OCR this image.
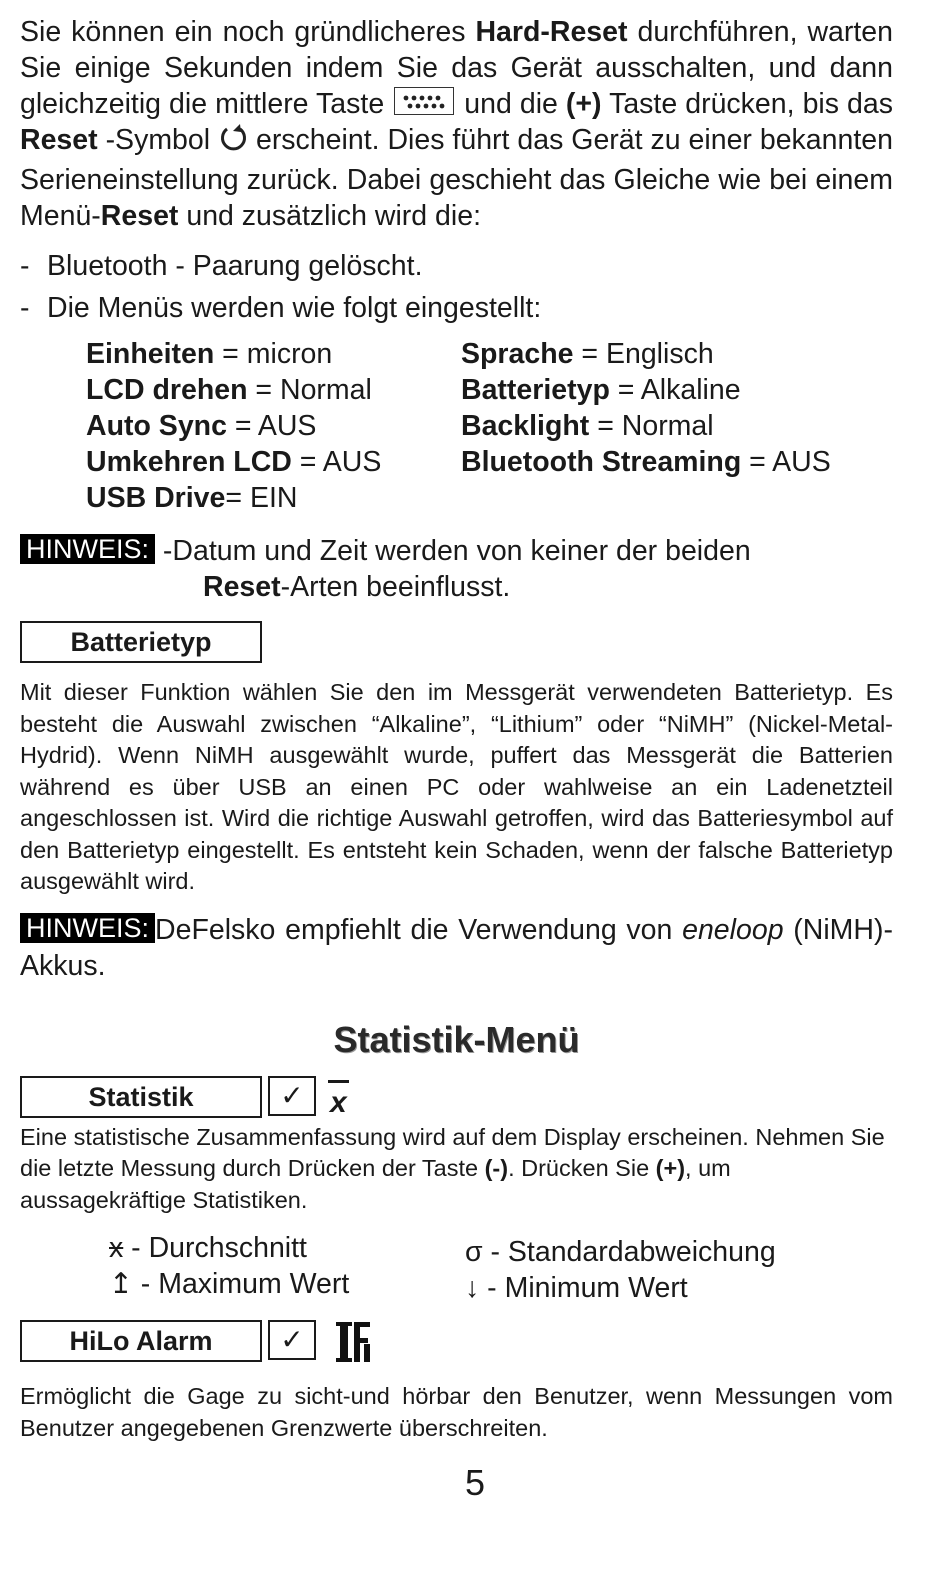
Sie können ein noch gründlicheres Hard-Reset durchführen, warten Sie einige Sekunden indem Sie das Gerät ausschalten, und dann gleichzeitig die mittlere Taste  und die (+) Taste drücken, bis das Reset -Symbol  erscheint. Dies führt das Gerät zu einer bekannten Serieneinstellung zurück. Dabei geschieht das Gleiche wie bei einem Menü-Reset und zusätzlich wird die:
- Bluetooth - Paarung gelöscht.
- Die Menüs werden wie folgt eingestellt:
Einheiten = micron	Sprache = Englisch
LCD drehen = Normal	Batterietyp = Alkaline
Auto Sync = AUS	Backlight = Normal
Umkehren LCD = AUS	Bluetooth Streaming = AUS
USB Drive= EIN
HINWEIS: -Datum und Zeit werden von keiner der beiden
Reset-Arten beeinflusst.
Batterietyp
Mit dieser Funktion wählen Sie den im Messgerät verwendeten Batterietyp. Es besteht die Auswahl zwischen “Alkaline”, “Lithium” oder “NiMH” (Nickel-Metal-Hydrid). Wenn NiMH ausgewählt wurde, puffert das Messgerät die Batterien während es über USB an einen PC oder wahlweise an ein Ladenetzteil angeschlossen ist. Wird die richtige Auswahl getroffen, wird das Batteriesymbol auf den Batterietyp eingestellt. Es entsteht kein Schaden, wenn der falsche Batterietyp ausgewählt wird.
HINWEIS: DeFelsko empfiehlt die Verwendung von eneloop (NiMH)-Akkus.
Statistik-Menü
Statistik	✓ x
Eine statistische Zusammenfassung wird auf dem Display erscheinen. Nehmen Sie die letzte Messung durch Drücken der Taste (-). Drücken Sie (+), um aussagekräftige Statistiken.
x - Durchschnitt	σ - Standardabweichung
↥ - Maximum Wert	↓ - Minimum Wert
HiLo Alarm	✓
Ermöglicht die Gage zu sicht-und hörbar den Benutzer, wenn Messungen vom Benutzer angegebenen Grenzwerte überschreiten.
5
